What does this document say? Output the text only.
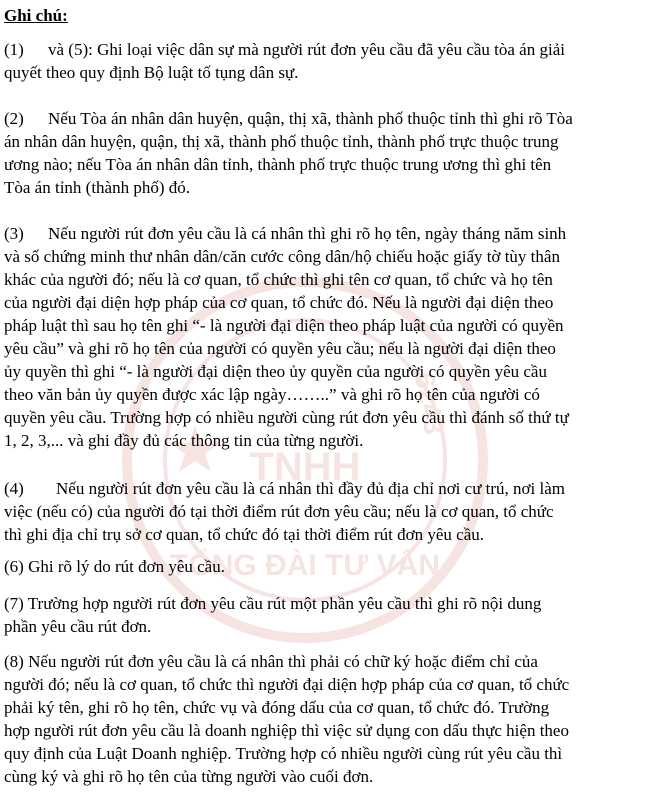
TNHH
TỔNG ĐÀI TƯ VẤN
6243
Ghi chú:
(1) và (5): Ghi loại việc dân sự mà người rút đơn yêu cầu đã yêu cầu tòa án giải
quyết theo quy định Bộ luật tố tụng dân sự.
(2) Nếu Tòa án nhân dân huyện, quận, thị xã, thành phố thuộc tỉnh thì ghi rõ Tòa
án nhân dân huyện, quận, thị xã, thành phố thuộc tỉnh, thành phố trực thuộc trung
ương nào; nếu Tòa án nhân dân tỉnh, thành phố trực thuộc trung ương thì ghi tên
Tòa án tỉnh (thành phố) đó.
(3) Nếu người rút đơn yêu cầu là cá nhân thì ghi rõ họ tên, ngày tháng năm sinh
và số chứng minh thư nhân dân/căn cước công dân/hộ chiếu hoặc giấy tờ tùy thân
khác của người đó; nếu là cơ quan, tổ chức thì ghi tên cơ quan, tổ chức và họ tên
của người đại diện hợp pháp của cơ quan, tổ chức đó. Nếu là người đại diện theo
pháp luật thì sau họ tên ghi “- là người đại diện theo pháp luật của người có quyền
yêu cầu” và ghi rõ họ tên của người có quyền yêu cầu; nếu là người đại diện theo
ủy quyền thì ghi “- là người đại diện theo ủy quyền của người có quyền yêu cầu
theo văn bản ủy quyền được xác lập ngày……..” và ghi rõ họ tên của người có
quyền yêu cầu. Trường hợp có nhiều người cùng rút đơn yêu cầu thì đánh số thứ tự
1, 2, 3,... và ghi đầy đủ các thông tin của từng người.
(4) Nếu người rút đơn yêu cầu là cá nhân thì đầy đủ địa chỉ nơi cư trú, nơi làm
việc (nếu có) của người đó tại thời điểm rút đơn yêu cầu; nếu là cơ quan, tổ chức
thì ghi địa chỉ trụ sở cơ quan, tổ chức đó tại thời điểm rút đơn yêu cầu.
(6) Ghi rõ lý do rút đơn yêu cầu.
(7) Trường hợp người rút đơn yêu cầu rút một phần yêu cầu thì ghi rõ nội dung
phần yêu cầu rút đơn.
(8) Nếu người rút đơn yêu cầu là cá nhân thì phải có chữ ký hoặc điểm chỉ của
người đó; nếu là cơ quan, tổ chức thì người đại diện hợp pháp của cơ quan, tổ chức
phải ký tên, ghi rõ họ tên, chức vụ và đóng dấu của cơ quan, tổ chức đó. Trường
hợp người rút đơn yêu cầu là doanh nghiệp thì việc sử dụng con dấu thực hiện theo
quy định của Luật Doanh nghiệp. Trường hợp có nhiều người cùng rút yêu cầu thì
cùng ký và ghi rõ họ tên của từng người vào cuối đơn.
